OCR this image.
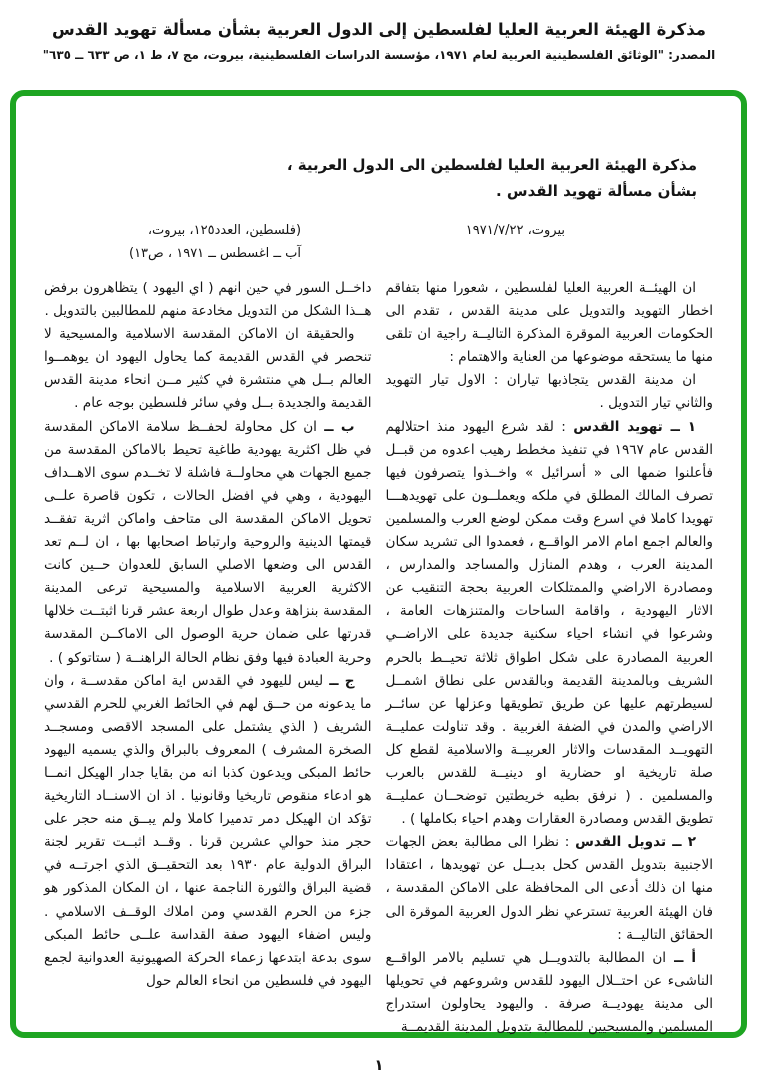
مذكرة الهيئة العربية العليا لفلسطين إلى الدول العربية بشأن مسألة تهويد القدس
المصدر: "الوثائق الفلسطينية العربية لعام ١٩٧١، مؤسسة الدراسات الفلسطينية، بيروت، مج ٧، ط ١، ص ٦٣٣ ــ ٦٣٥"
مذكرة الهيئة العربية العليا لفلسطين الى الدول العربية ،
بشأن مسألة تهويد القدس .
بيروت، ١٩٧١/٧/٢٢
(فلسطين، العدد١٢٥، بيروت،
آب ــ اغسطس ــ ١٩٧١ ، ص١٣)

ان الهيئــة العربية العليا لفلسطين ، شعورا منها بتفاقم اخطار التهويد والتدويل على مدينة القدس ، تقدم الى الحكومات العربية الموقرة المذكرة التاليــة راجية ان تلقى منها ما يستحقه موضوعها من العناية والاهتمام :

ان مدينة القدس يتجاذبها تياران : الاول تيار التهويد والثاني تيار التدويل .

١ ــ تهويد القدس : لقد شرع اليهود منذ احتلالهم القدس عام ١٩٦٧ في تنفيذ مخطط رهيب اعدوه من قبــل فأعلنوا ضمها الى « أسرائيل » واخــذوا يتصرفون فيها تصرف المالك المطلق في ملكه ويعملــون على تهويدهـــا تهويدا كاملا في اسرع وقت ممكن لوضع العرب والمسلمين والعالم اجمع امام الامر الواقــع ، فعمدوا الى تشريد سكان المدينة العرب ، وهدم المنازل والمساجد والمدارس ، ومصادرة الاراضي والممتلكات العربية بحجة التنقيب عن الاثار اليهودية ، واقامة الساحات والمتنزهات العامة ، وشرعوا في انشاء احياء سكنية جديدة على الاراضــي العربية المصادرة على شكل اطواق ثلاثة تحيــط بالحرم الشريف وبالمدينة القديمة وبالقدس على نطاق اشمــل لسيطرتهم عليها عن طريق تطويقها وعزلها عن سائــر الاراضي والمدن في الضفة الغربية . وقد تناولت عمليــة التهويــد المقدسات والاثار العربيــة والاسلامية لقطع كل صلة تاريخية او حضارية او دينيــة للقدس بالعرب والمسلمين . ( نرفق بطيه خريطتين توضحــان عمليــة تطويق القدس ومصادرة العقارات وهدم احياء بكاملها ) .

٢ ــ تدويل القدس : نظرا الى مطالبة بعض الجهات الاجنبية بتدويل القدس كحل بديــل عن تهويدها ، اعتقادا منها ان ذلك أدعى الى المحافظة على الاماكن المقدسة ، فان الهيئة العربية تسترعي نظر الدول العربية الموقرة الى الحقائق التاليــة :

أ ــ ان المطالبة بالتدويــل هي تسليم بالامر الواقــع الناشىء عن احتــلال اليهود للقدس وشروعهم في تحويلها الى مدينة يهوديــة صرفة . واليهود يحاولون استدراج المسلمين والمسيحيين للمطالبة بتدويل المدينة القديمــة

داخــل السور في حين انهم ( اي اليهود ) يتظاهرون برفض هــذا الشكل من التدويل مخادعة منهم للمطالبين بالتدويل .

والحقيقة ان الاماكن المقدسة الاسلامية والمسيحية لا تنحصر في القدس القديمة كما يحاول اليهود ان يوهمــوا العالم بــل هي منتشرة في كثير مــن انحاء مدينة القدس القديمة والجديدة بــل وفي سائر فلسطين بوجه عام .

ب ــ ان كل محاولة لحفــظ سلامة الاماكن المقدسة في ظل اكثرية يهودية طاغية تحيط بالاماكن المقدسة من جميع الجهات هي محاولــة فاشلة لا تخــدم سوى الاهــداف اليهودية ، وهي في افضل الحالات ، تكون قاصرة علــى تحويل الاماكن المقدسة الى متاحف واماكن اثرية تفقــد قيمتها الدينية والروحية وارتباط اصحابها بها ، ان لــم تعد القدس الى وضعها الاصلي السابق للعدوان حــين كانت الاكثرية العربية الاسلامية والمسيحية ترعى المدينة المقدسة بنزاهة وعدل طوال اربعة عشر قرنا اثبتــت خلالها قدرتها على ضمان حرية الوصول الى الاماكــن المقدسة وحرية العبادة فيها وفق نظام الحالة الراهنــة ( ستاتوكو ) .

ج ــ ليس لليهود في القدس اية اماكن مقدســة ، وان ما يدعونه من حــق لهم في الحائط الغربي للحرم القدسي الشريف ( الذي يشتمل على المسجد الاقصى ومسجــد الصخرة المشرف ) المعروف بالبراق والذي يسميه اليهود حائط المبكى ويدعون كذبا انه من بقايا جدار الهيكل انمــا هو ادعاء منقوص تاريخيا وقانونيا . اذ ان الاسنــاد التاريخية تؤكد ان الهيكل دمر تدميرا كاملا ولم يبــق منه حجر على حجر منذ حوالي عشرين قرنا . وقــد اثبــت تقرير لجنة البراق الدولية عام ١٩٣٠ بعد التحقيــق الذي اجرتــه في قضية البراق والثورة الناجمة عنها ، ان المكان المذكور هو جزء من الحرم القدسي ومن املاك الوقــف الاسلامي . وليس اضفاء اليهود صفة القداسة علــى حائط المبكى سوى بدعة ابتدعها زعماء الحركة الصهيونية العدوانية لجمع اليهود في فلسطين من انحاء العالم حول

١
